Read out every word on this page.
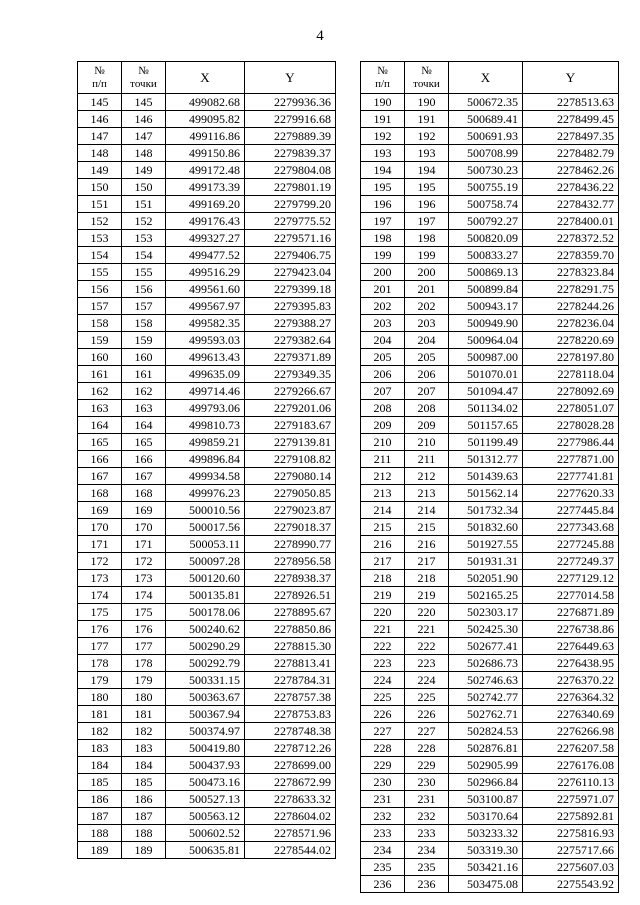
4
№
п/п	№
точки	X	Y
145	145	499082.68	2279936.36
146	146	499095.82	2279916.68
147	147	499116.86	2279889.39
148	148	499150.86	2279839.37
149	149	499172.48	2279804.08
150	150	499173.39	2279801.19
151	151	499169.20	2279799.20
152	152	499176.43	2279775.52
153	153	499327.27	2279571.16
154	154	499477.52	2279406.75
155	155	499516.29	2279423.04
156	156	499561.60	2279399.18
157	157	499567.97	2279395.83
158	158	499582.35	2279388.27
159	159	499593.03	2279382.64
160	160	499613.43	2279371.89
161	161	499635.09	2279349.35
162	162	499714.46	2279266.67
163	163	499793.06	2279201.06
164	164	499810.73	2279183.67
165	165	499859.21	2279139.81
166	166	499896.84	2279108.82
167	167	499934.58	2279080.14
168	168	499976.23	2279050.85
169	169	500010.56	2279023.87
170	170	500017.56	2279018.37
171	171	500053.11	2278990.77
172	172	500097.28	2278956.58
173	173	500120.60	2278938.37
174	174	500135.81	2278926.51
175	175	500178.06	2278895.67
176	176	500240.62	2278850.86
177	177	500290.29	2278815.30
178	178	500292.79	2278813.41
179	179	500331.15	2278784.31
180	180	500363.67	2278757.38
181	181	500367.94	2278753.83
182	182	500374.97	2278748.38
183	183	500419.80	2278712.26
184	184	500437.93	2278699.00
185	185	500473.16	2278672.99
186	186	500527.13	2278633.32
187	187	500563.12	2278604.02
188	188	500602.52	2278571.96
189	189	500635.81	2278544.02
№
п/п	№
точки	X	Y
190	190	500672.35	2278513.63
191	191	500689.41	2278499.45
192	192	500691.93	2278497.35
193	193	500708.99	2278482.79
194	194	500730.23	2278462.26
195	195	500755.19	2278436.22
196	196	500758.74	2278432.77
197	197	500792.27	2278400.01
198	198	500820.09	2278372.52
199	199	500833.27	2278359.70
200	200	500869.13	2278323.84
201	201	500899.84	2278291.75
202	202	500943.17	2278244.26
203	203	500949.90	2278236.04
204	204	500964.04	2278220.69
205	205	500987.00	2278197.80
206	206	501070.01	2278118.04
207	207	501094.47	2278092.69
208	208	501134.02	2278051.07
209	209	501157.65	2278028.28
210	210	501199.49	2277986.44
211	211	501312.77	2277871.00
212	212	501439.63	2277741.81
213	213	501562.14	2277620.33
214	214	501732.34	2277445.84
215	215	501832.60	2277343.68
216	216	501927.55	2277245.88
217	217	501931.31	2277249.37
218	218	502051.90	2277129.12
219	219	502165.25	2277014.58
220	220	502303.17	2276871.89
221	221	502425.30	2276738.86
222	222	502677.41	2276449.63
223	223	502686.73	2276438.95
224	224	502746.63	2276370.22
225	225	502742.77	2276364.32
226	226	502762.71	2276340.69
227	227	502824.53	2276266.98
228	228	502876.81	2276207.58
229	229	502905.99	2276176.08
230	230	502966.84	2276110.13
231	231	503100.87	2275971.07
232	232	503170.64	2275892.81
233	233	503233.32	2275816.93
234	234	503319.30	2275717.66
235	235	503421.16	2275607.03
236	236	503475.08	2275543.92
